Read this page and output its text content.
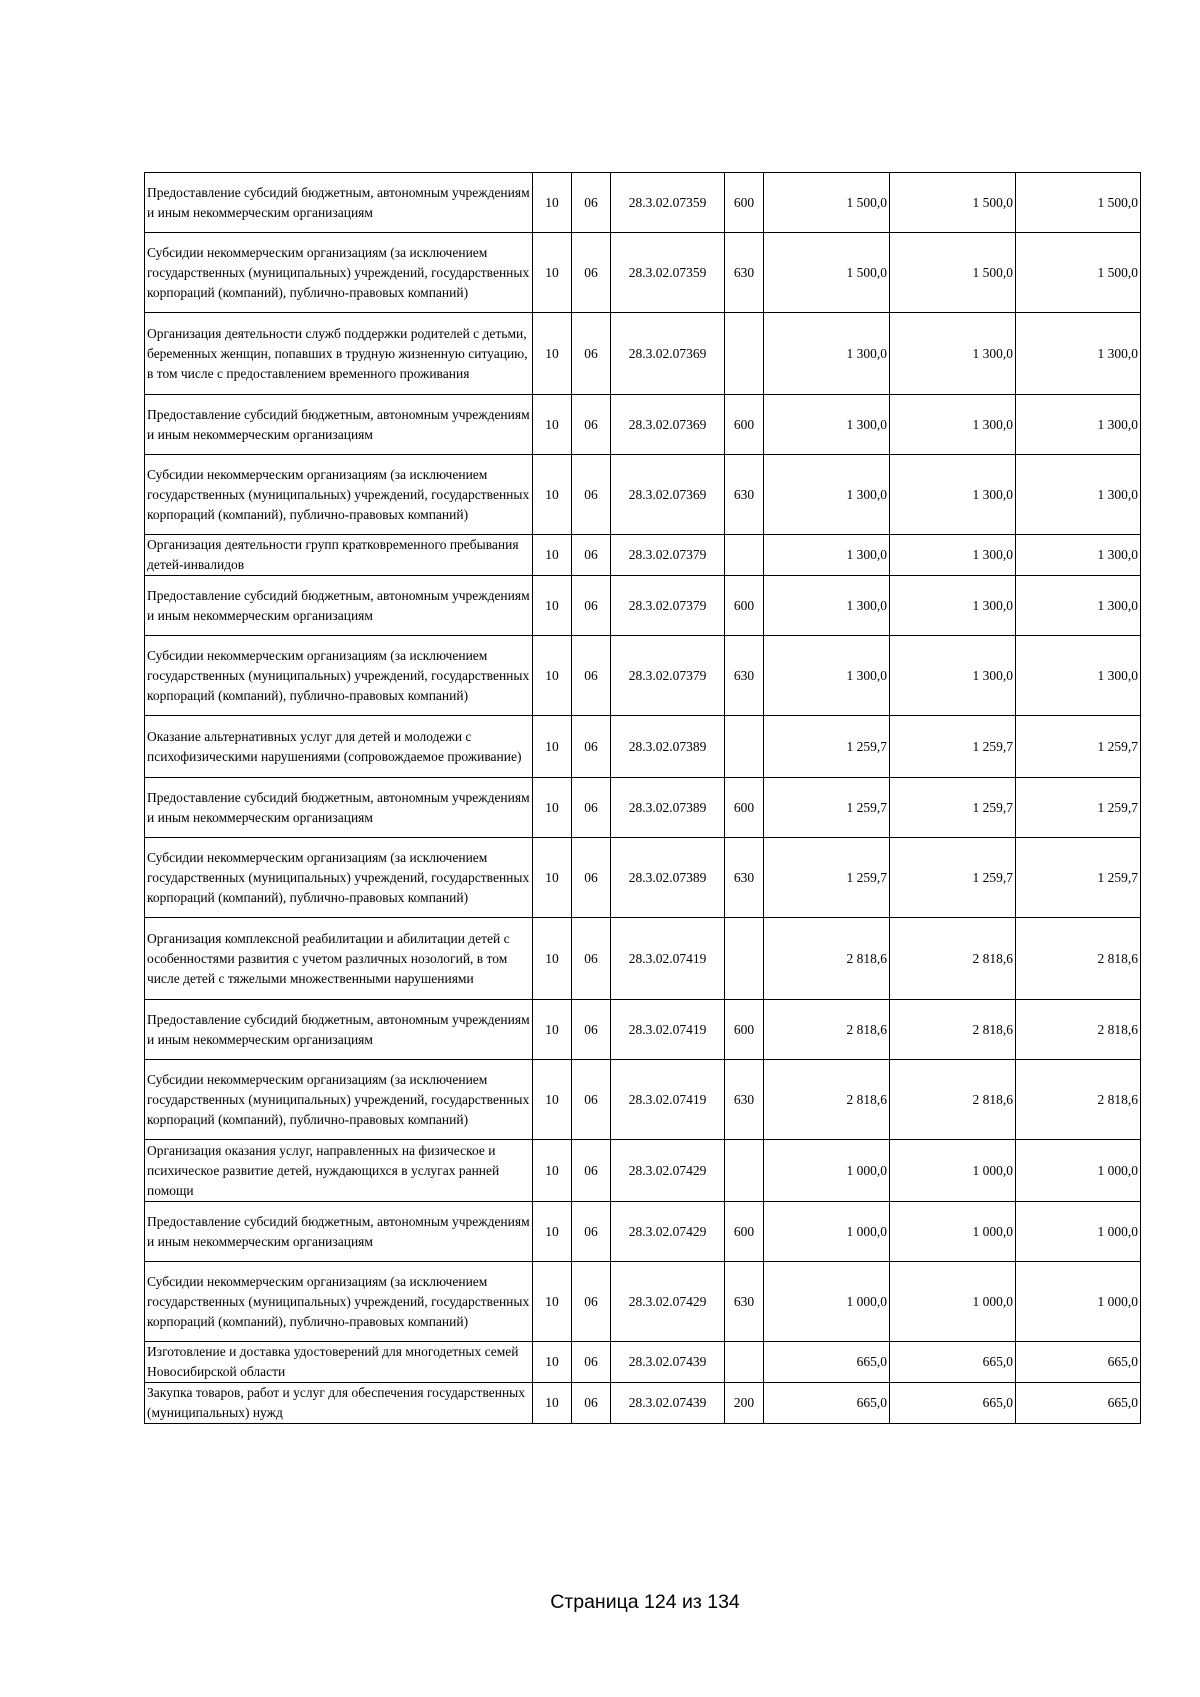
Предоставление субсидий бюджетным, автономным учреждениям и иным некоммерческим организациям	10	06	28.3.02.07359	600	1 500,0	1 500,0	1 500,0
Субсидии некоммерческим организациям (за исключением государственных (муниципальных) учреждений, государственных корпораций (компаний), публично-правовых компаний)	10	06	28.3.02.07359	630	1 500,0	1 500,0	1 500,0
Организация деятельности служб поддержки родителей с детьми, беременных женщин, попавших в трудную жизненную ситуацию, в том числе с предоставлением временного проживания	10	06	28.3.02.07369		1 300,0	1 300,0	1 300,0
Предоставление субсидий бюджетным, автономным учреждениям и иным некоммерческим организациям	10	06	28.3.02.07369	600	1 300,0	1 300,0	1 300,0
Субсидии некоммерческим организациям (за исключением государственных (муниципальных) учреждений, государственных корпораций (компаний), публично-правовых компаний)	10	06	28.3.02.07369	630	1 300,0	1 300,0	1 300,0
Организация деятельности групп кратковременного пребывания детей-инвалидов	10	06	28.3.02.07379		1 300,0	1 300,0	1 300,0
Предоставление субсидий бюджетным, автономным учреждениям и иным некоммерческим организациям	10	06	28.3.02.07379	600	1 300,0	1 300,0	1 300,0
Субсидии некоммерческим организациям (за исключением государственных (муниципальных) учреждений, государственных корпораций (компаний), публично-правовых компаний)	10	06	28.3.02.07379	630	1 300,0	1 300,0	1 300,0
Оказание альтернативных услуг для детей и молодежи с психофизическими нарушениями (сопровождаемое проживание)	10	06	28.3.02.07389		1 259,7	1 259,7	1 259,7
Предоставление субсидий бюджетным, автономным учреждениям и иным некоммерческим организациям	10	06	28.3.02.07389	600	1 259,7	1 259,7	1 259,7
Субсидии некоммерческим организациям (за исключением государственных (муниципальных) учреждений, государственных корпораций (компаний), публично-правовых компаний)	10	06	28.3.02.07389	630	1 259,7	1 259,7	1 259,7
Организация комплексной реабилитации и абилитации детей с особенностями развития с учетом различных нозологий, в том числе детей с тяжелыми множественными нарушениями	10	06	28.3.02.07419		2 818,6	2 818,6	2 818,6
Предоставление субсидий бюджетным, автономным учреждениям и иным некоммерческим организациям	10	06	28.3.02.07419	600	2 818,6	2 818,6	2 818,6
Субсидии некоммерческим организациям (за исключением государственных (муниципальных) учреждений, государственных корпораций (компаний), публично-правовых компаний)	10	06	28.3.02.07419	630	2 818,6	2 818,6	2 818,6
Организация оказания услуг, направленных на физическое и психическое развитие детей, нуждающихся в услугах ранней помощи	10	06	28.3.02.07429		1 000,0	1 000,0	1 000,0
Предоставление субсидий бюджетным, автономным учреждениям и иным некоммерческим организациям	10	06	28.3.02.07429	600	1 000,0	1 000,0	1 000,0
Субсидии некоммерческим организациям (за исключением государственных (муниципальных) учреждений, государственных корпораций (компаний), публично-правовых компаний)	10	06	28.3.02.07429	630	1 000,0	1 000,0	1 000,0
Изготовление и доставка удостоверений для многодетных семей Новосибирской области	10	06	28.3.02.07439		665,0	665,0	665,0
Закупка товаров, работ и услуг для обеспечения государственных (муниципальных) нужд	10	06	28.3.02.07439	200	665,0	665,0	665,0
Страница 124 из 134
